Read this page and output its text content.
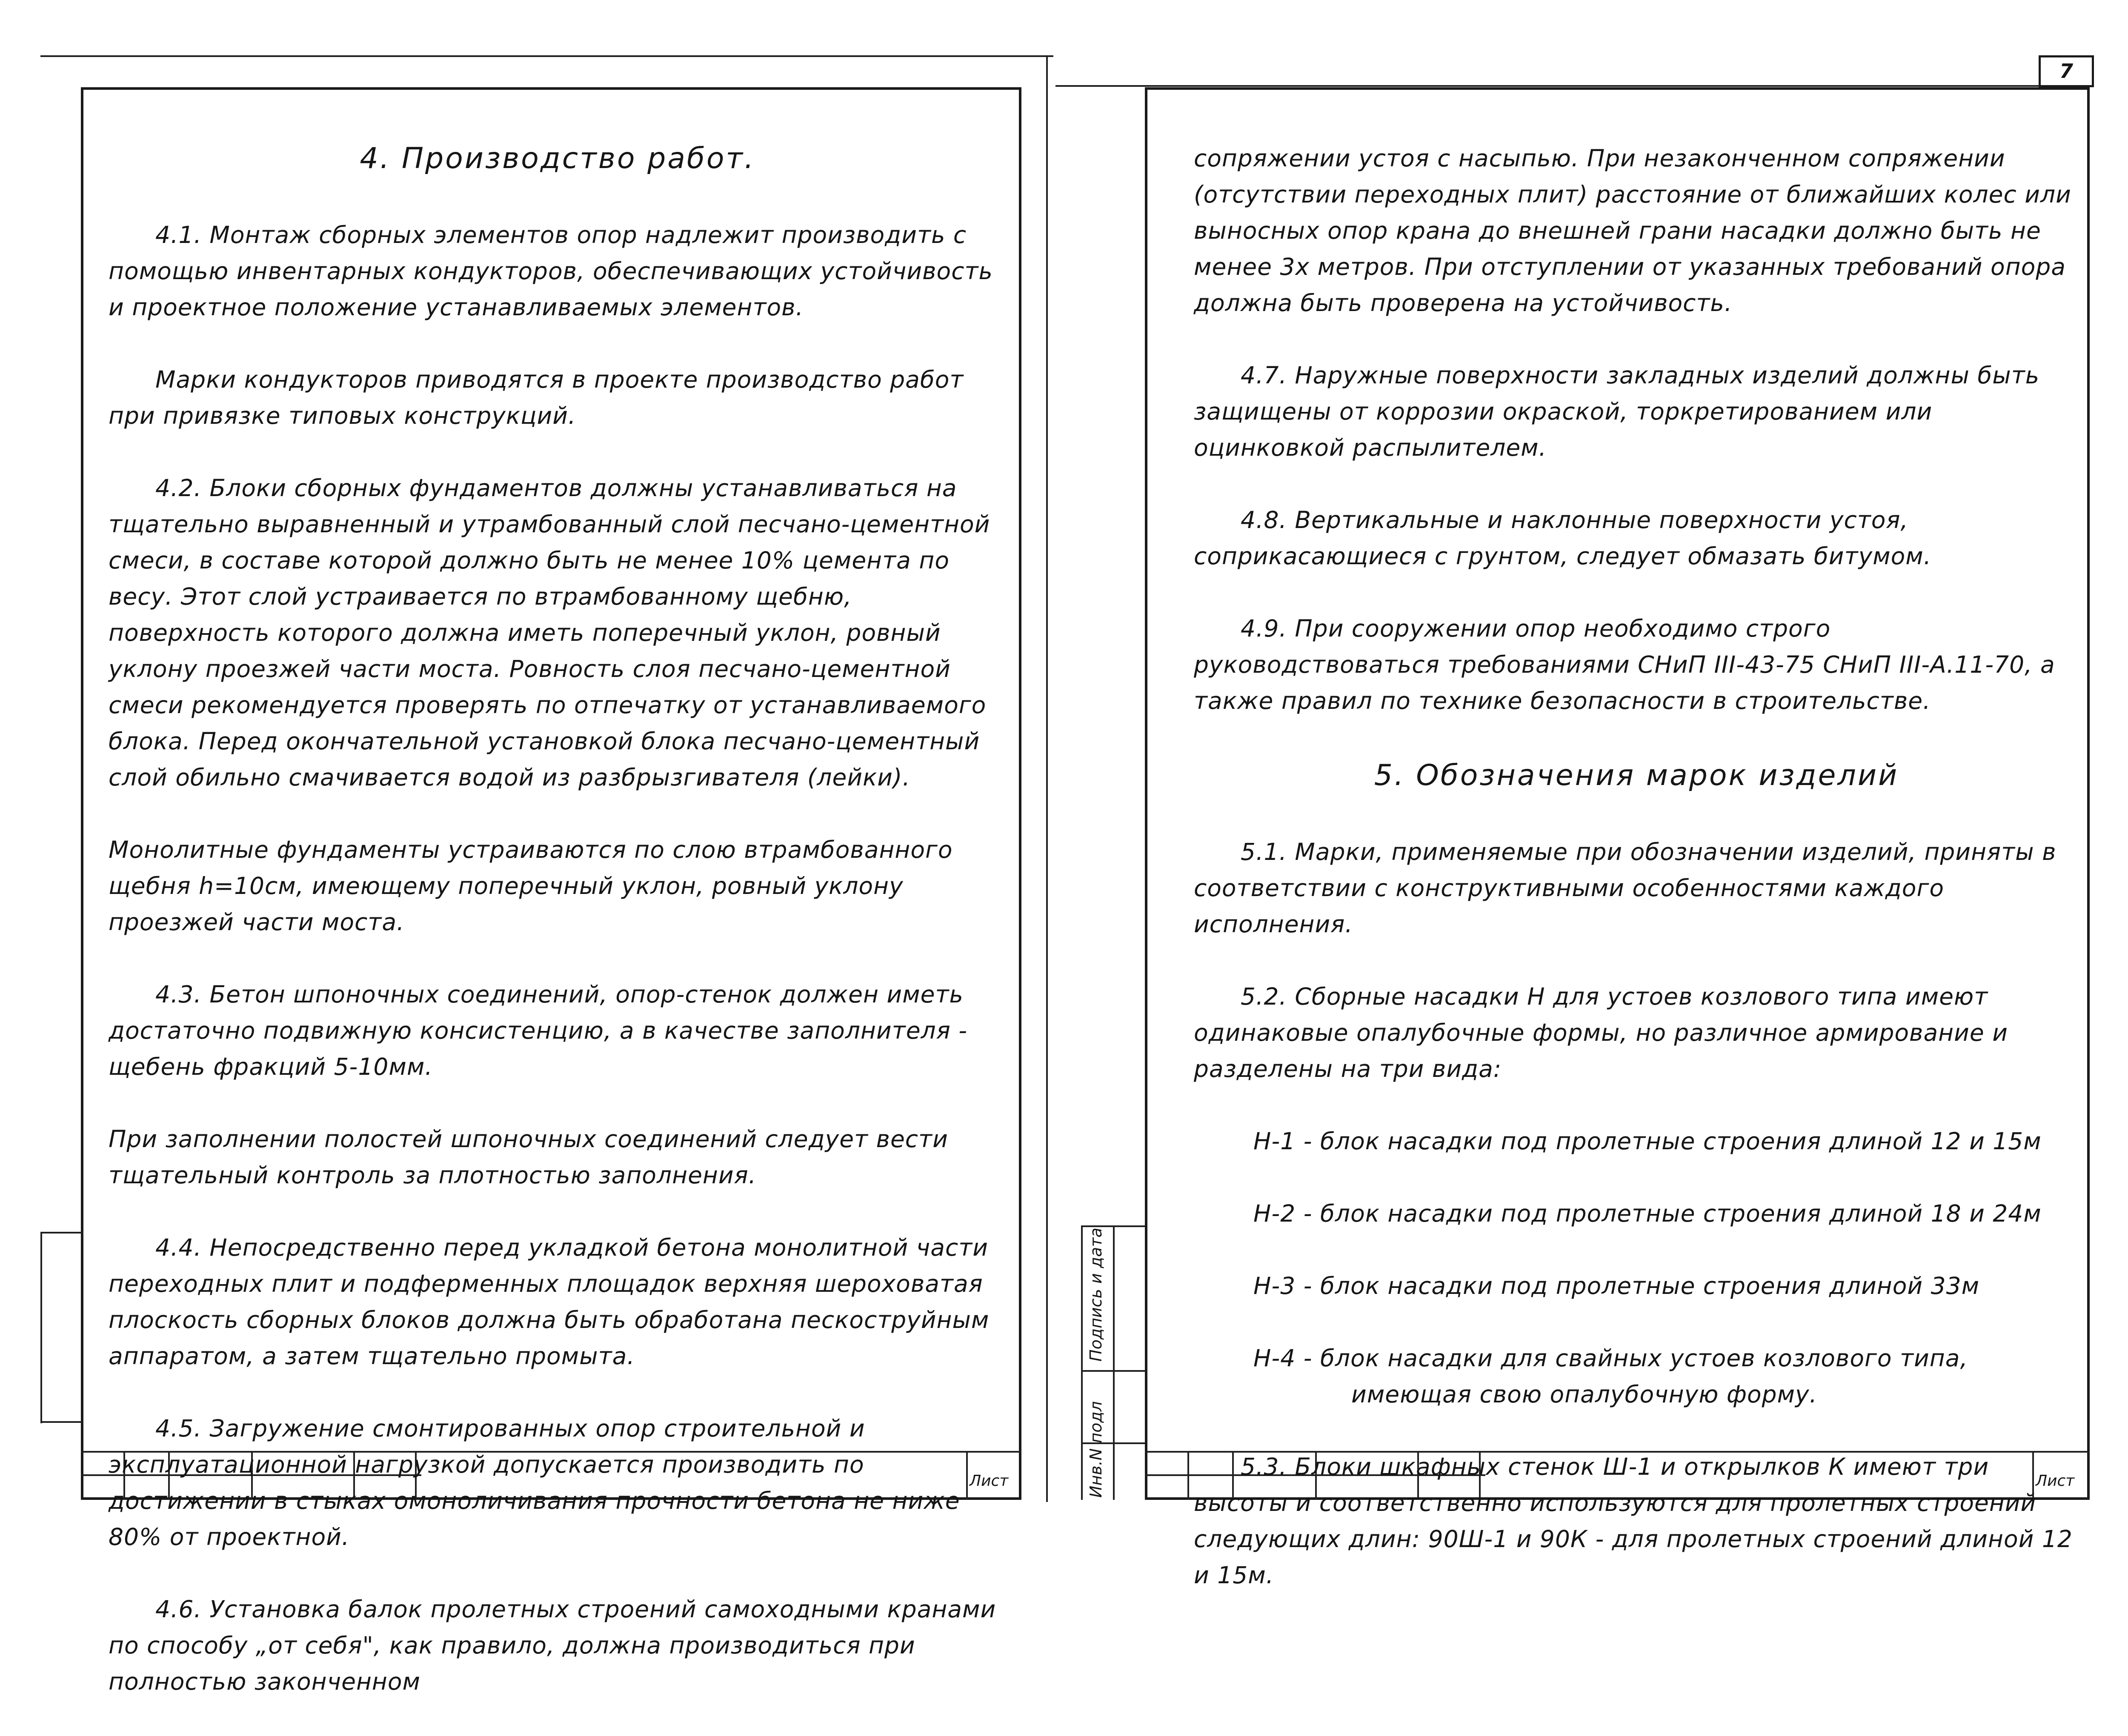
7
Лист

4. Производство работ.

4.1. Монтаж сборных элементов опор надлежит производить с помощью инвентарных кондукторов, обеспечивающих устойчивость и проектное положение устанавливаемых элементов.

Марки кондукторов приводятся в проекте производство работ при привязке типовых конструкций.

4.2. Блоки сборных фундаментов должны устанавливаться на тщательно выравненный и утрамбованный слой песчано-цементной смеси, в составе которой должно быть не менее 10% цемента по весу. Этот слой устраивается по втрамбованному щебню, поверхность которого должна иметь поперечный уклон, ровный уклону проезжей части моста. Ровность слоя песчано-цементной смеси рекомендуется проверять по отпечатку от устанавливаемого блока. Перед окончательной установкой блока песчано-цементный слой обильно смачивается водой из разбрызгивателя (лейки).

Монолитные фундаменты устраиваются по слою втрамбованного щебня h=10см, имеющему поперечный уклон, ровный уклону проезжей части моста.

4.3. Бетон шпоночных соединений, опор-стенок должен иметь достаточно подвижную консистенцию, а в качестве заполнителя - щебень фракций 5-10мм.

При заполнении полостей шпоночных соединений следует вести тщательный контроль за плотностью заполнения.

4.4. Непосредственно перед укладкой бетона монолитной части переходных плит и подферменных площадок верхняя шероховатая плоскость сборных блоков должна быть обработана пескоструйным аппаратом, а затем тщательно промыта.

4.5. Загружение смонтированных опор строительной и эксплуатационной нагрузкой допускается производить по достижении в стыках омоноличивания прочности бетона не ниже 80% от проектной.

4.6. Установка балок пролетных строений самоходными кранами по способу „от себя", как правило, должна производиться при полностью законченном

Подпись и дата
Инв.N подл	Лист

сопряжении устоя с насыпью. При незаконченном сопряжении (отсутствии переходных плит) расстояние от ближайших колес или выносных опор крана до внешней грани насадки должно быть не менее 3х метров. При отступлении от указанных требований опора должна быть проверена на устойчивость.

4.7. Наружные поверхности закладных изделий должны быть защищены от коррозии окраской, торкретированием или оцинковкой распылителем.

4.8. Вертикальные и наклонные поверхности устоя, соприкасающиеся с грунтом, следует обмазать битумом.

4.9. При сооружении опор необходимо строго руководствоваться требованиями СНиП III-43-75 СНиП III-А.11-70, а также правил по технике безопасности в строительстве.

5. Обозначения марок изделий

5.1. Марки, применяемые при обозначении изделий, приняты в соответствии с конструктивными особенностями каждого исполнения.

5.2. Сборные насадки Н для устоев козлового типа имеют одинаковые опалубочные формы, но различное армирование и разделены на три вида:

Н-1 - блок насадки под пролетные строения длиной 12 и 15м

Н-2 - блок насадки под пролетные строения длиной 18 и 24м

Н-3 - блок насадки под пролетные строения длиной 33м

Н-4 - блок насадки для свайных устоев козлового типа, имеющая свою опалубочную форму.

5.3. Блоки шкафных стенок Ш-1 и открылков К имеют три высоты и соответственно используются для пролетных строений следующих длин: 90Ш-1 и 90К - для пролетных строений длиной 12 и 15м.
